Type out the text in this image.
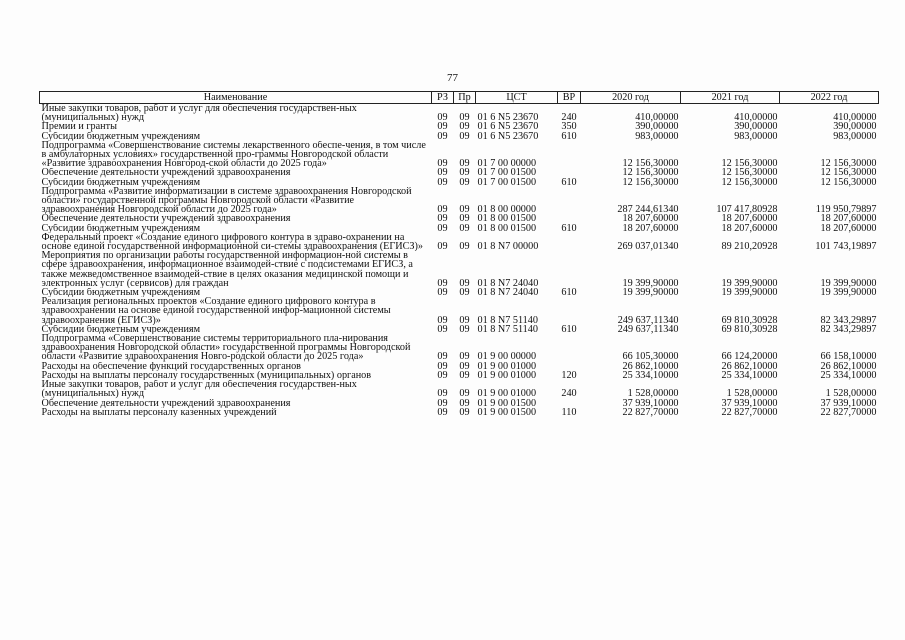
77
Наименование	РЗ	Пр	ЦСТ	ВР	2020 год	2021 год	2022 год
Иные закупки товаров, работ и услуг для обеспечения государствен-ных (муниципальных) нужд	09	09	01 6 N5 23670	240	410,00000	410,00000	410,00000
Премии и гранты	09	09	01 6 N5 23670	350	390,00000	390,00000	390,00000
Субсидии бюджетным учреждениям	09	09	01 6 N5 23670	610	983,00000	983,00000	983,00000
Подпрограмма «Совершенствование системы лекарственного обеспе-чения, в том числе в амбулаторных условиях» государственной про-граммы Новгородской области «Развитие здравоохранения Новгород-ской области до 2025 года»	09	09	01 7 00 00000		12 156,30000	12 156,30000	12 156,30000
Обеспечение деятельности учреждений здравоохранения	09	09	01 7 00 01500		12 156,30000	12 156,30000	12 156,30000
Субсидии бюджетным учреждениям	09	09	01 7 00 01500	610	12 156,30000	12 156,30000	12 156,30000
Подпрограмма «Развитие информатизации в системе здравоохранения Новгородской области» государственной программы Новгородской области «Развитие здравоохранения Новгородской области до 2025 года»	09	09	01 8 00 00000		287 244,61340	107 417,80928	119 950,79897
Обеспечение деятельности учреждений здравоохранения	09	09	01 8 00 01500		18 207,60000	18 207,60000	18 207,60000
Субсидии бюджетным учреждениям	09	09	01 8 00 01500	610	18 207,60000	18 207,60000	18 207,60000
Федеральный проект «Создание единого цифрового контура в здраво-охранении на основе единой государственной информационной си-стемы здравоохранения (ЕГИСЗ)»	09	09	01 8 N7 00000		269 037,01340	89 210,20928	101 743,19897
Мероприятия по организации работы государственной информацион-ной системы в сфере здравоохранения, информационное взаимодей-ствие с подсистемами ЕГИСЗ, а также межведомственное взаимодей-ствие в целях оказания медицинской помощи и электронных услуг (сервисов) для граждан	09	09	01 8 N7 24040		19 399,90000	19 399,90000	19 399,90000
Субсидии бюджетным учреждениям	09	09	01 8 N7 24040	610	19 399,90000	19 399,90000	19 399,90000
Реализация региональных проектов «Создание единого цифрового контура в здравоохранении на основе единой государственной инфор-мационной системы здравоохранения (ЕГИСЗ)»	09	09	01 8 N7 51140		249 637,11340	69 810,30928	82 343,29897
Субсидии бюджетным учреждениям	09	09	01 8 N7 51140	610	249 637,11340	69 810,30928	82 343,29897
Подпрограмма «Совершенствование системы территориального пла-нирования здравоохранения Новгородской области» государственной программы Новгородской области «Развитие здравоохранения Новго-родской области до 2025 года»	09	09	01 9 00 00000		66 105,30000	66 124,20000	66 158,10000
Расходы на обеспечение функций государственных органов	09	09	01 9 00 01000		26 862,10000	26 862,10000	26 862,10000
Расходы на выплаты персоналу государственных (муниципальных) органов	09	09	01 9 00 01000	120	25 334,10000	25 334,10000	25 334,10000
Иные закупки товаров, работ и услуг для обеспечения государствен-ных (муниципальных) нужд	09	09	01 9 00 01000	240	1 528,00000	1 528,00000	1 528,00000
Обеспечение деятельности учреждений здравоохранения	09	09	01 9 00 01500		37 939,10000	37 939,10000	37 939,10000
Расходы на выплаты персоналу казенных учреждений	09	09	01 9 00 01500	110	22 827,70000	22 827,70000	22 827,70000
